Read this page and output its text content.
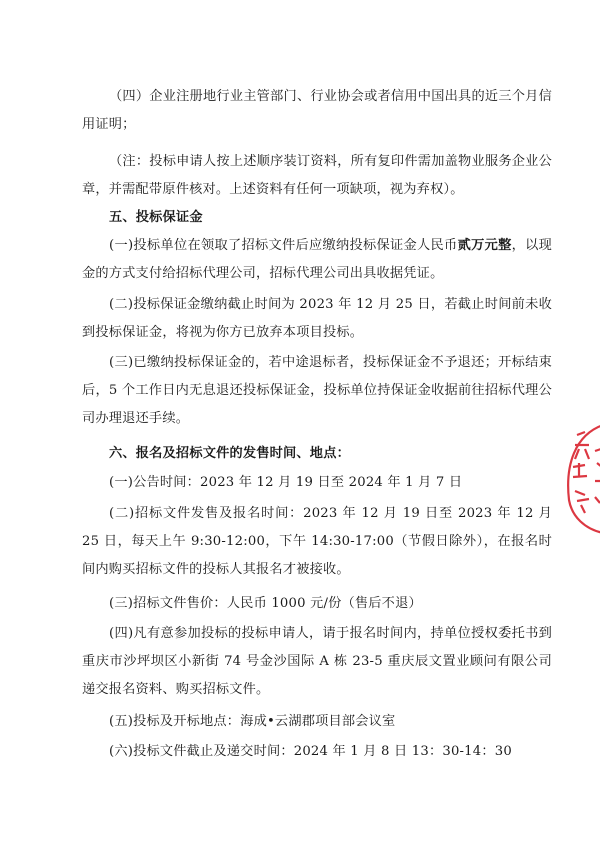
（四）企业注册地行业主管部门、行业协会或者信用中国出具的近三个月信用证明；

（注：投标申请人按上述顺序装订资料，所有复印件需加盖物业服务企业公章，并需配带原件核对。上述资料有任何一项缺项，视为弃权）。

五、投标保证金

(一)投标单位在领取了招标文件后应缴纳投标保证金人民币贰万元整，以现金的方式支付给招标代理公司，招标代理公司出具收据凭证。

(二)投标保证金缴纳截止时间为 2023 年 12 月 25 日，若截止时间前未收到投标保证金，将视为你方已放弃本项目投标。

(三)已缴纳投标保证金的，若中途退标者，投标保证金不予退还；开标结束后，5 个工作日内无息退还投标保证金，投标单位持保证金收据前往招标代理公司办理退还手续。

六、报名及招标文件的发售时间、地点：

(一)公告时间：2023 年 12 月 19 日至 2024 年 1 月 7 日

(二)招标文件发售及报名时间：2023 年 12 月 19 日至 2023 年 12 月 25 日，每天上午 9:30-12:00，下午 14:30-17:00（节假日除外），在报名时间内购买招标文件的投标人其报名才被接收。

(三)招标文件售价：人民币 1000 元/份（售后不退）

(四)凡有意参加投标的投标申请人，请于报名时间内，持单位授权委托书到重庆市沙坪坝区小新街 74 号金沙国际 A 栋 23-5 重庆辰文置业顾问有限公司递交报名资料、购买招标文件。

(五)投标及开标地点：海成•云湖郡项目部会议室

(六)投标文件截止及递交时间：2024 年 1 月 8 日 13：30-14：30
